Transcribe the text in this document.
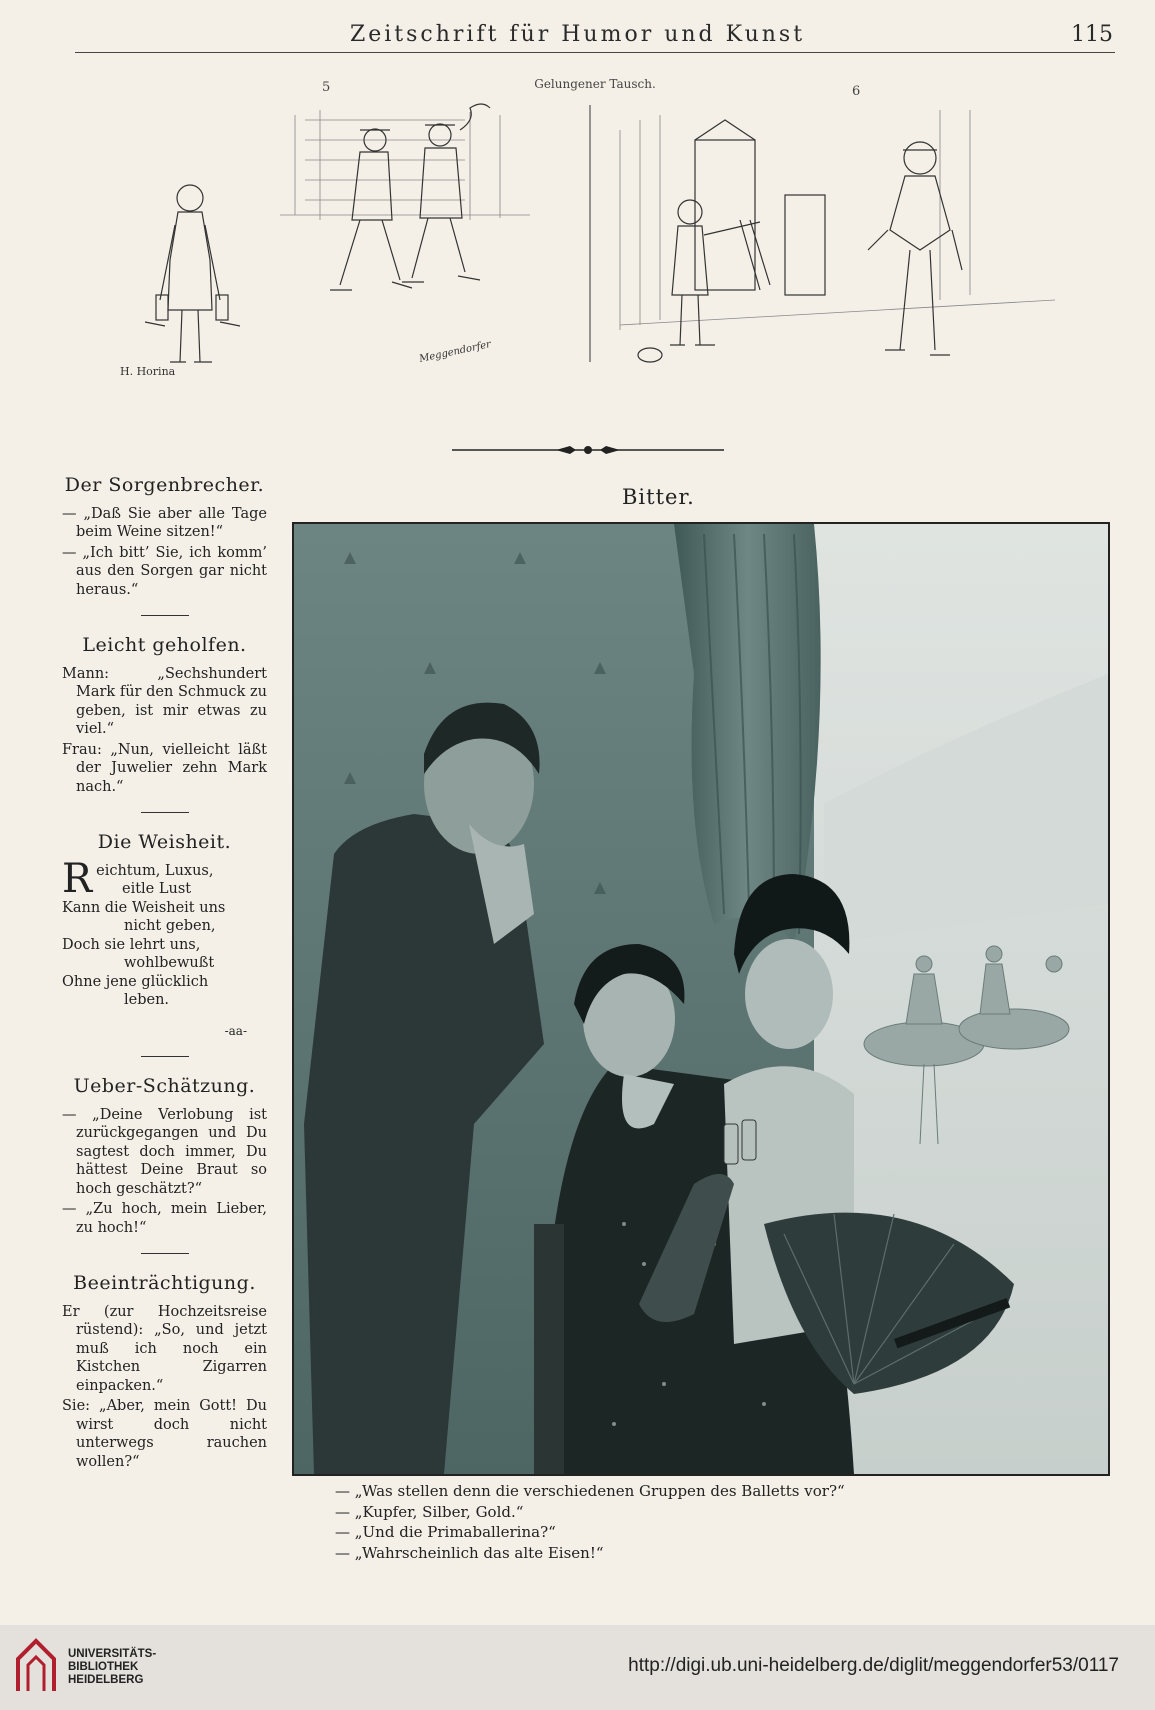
Zeitschrift für Humor und Kunst	115
5	Gelungener Tausch.	6
H. Horina
Meggendorfer
Der Sorgenbrecher.

— „Daß Sie aber alle Tage beim Weine sitzen!“

— „Ich bitt’ Sie, ich komm’ aus den Sorgen gar nicht heraus.“

Leicht geholfen.

Mann: „Sechshundert Mark für den Schmuck zu geben, ist mir etwas zu viel.“

Frau: „Nun, vielleicht läßt der Juwelier zehn Mark nach.“

Die Weisheit.
R eichtum, Luxus,

eitle Lust

Kann die Weisheit uns

nicht geben,

Doch sie lehrt uns,

wohlbewußt

Ohne jene glücklich

leben.

-aa-

Ueber-Schätzung.

— „Deine Verlobung ist zurückgegangen und Du sagtest doch immer, Du hättest Deine Braut so hoch geschätzt?“

— „Zu hoch, mein Lieber, zu hoch!“

Beeinträchtigung.

Er (zur Hochzeitsreise rüstend): „So, und jetzt muß ich noch ein Kistchen Zigarren einpacken.“

Sie: „Aber, mein Gott! Du wirst doch nicht unterwegs rauchen wollen?“

Bitter.

— „Was stellen denn die verschiedenen Gruppen des Balletts vor?“

— „Kupfer, Silber, Gold.“

— „Und die Primaballerina?“

— „Wahrscheinlich das alte Eisen!“

UNIVERSITÄTS-
BIBLIOTHEK
HEIDELBERG
http://digi.ub.uni-heidelberg.de/diglit/meggendorfer53/0117
